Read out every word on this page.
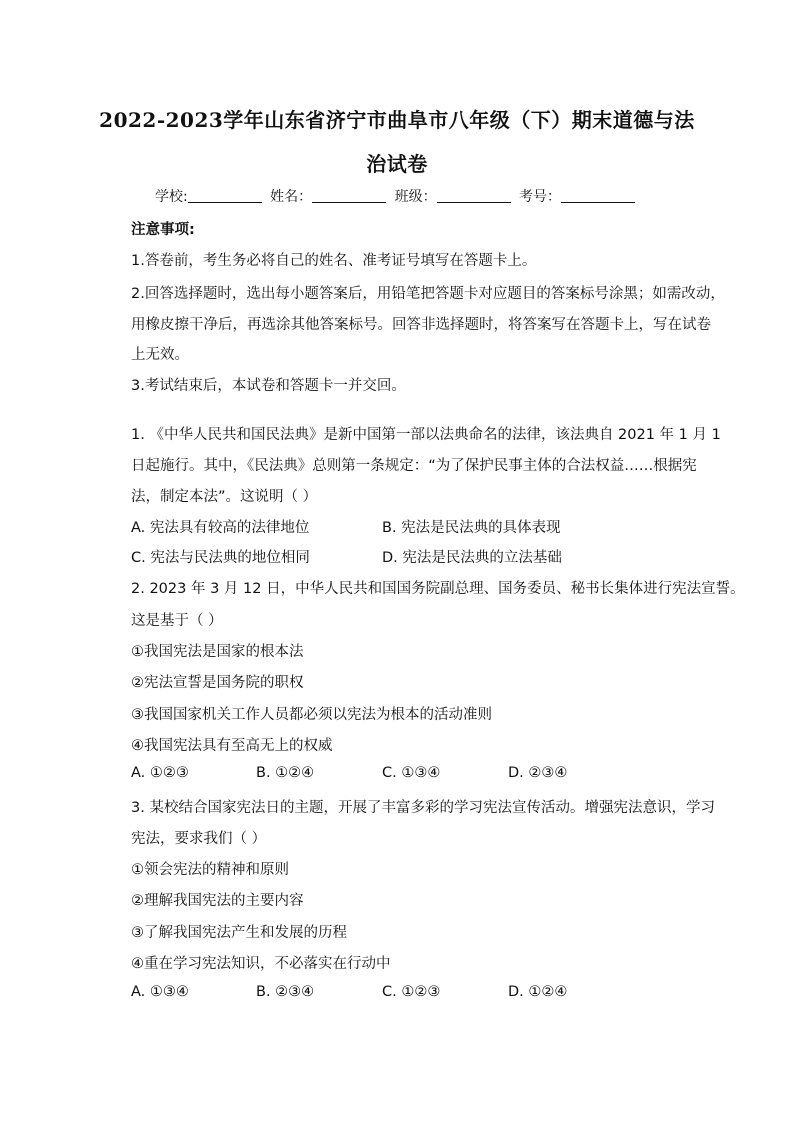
2022-2023学年山东省济宁市曲阜市八年级（下）期末道德与法
治试卷
学校:	姓名：	班级：	考号：
注意事项:
1.答卷前，考生务必将自己的姓名、准考证号填写在答题卡上。
2.回答选择题时，选出每小题答案后，用铅笔把答题卡对应题目的答案标号涂黑；如需改动，
用橡皮擦干净后，再选涂其他答案标号。回答非选择题时，将答案写在答题卡上，写在试卷
上无效。
3.考试结束后，本试卷和答题卡一并交回。
1. 《中华人民共和国民法典》是新中国第一部以法典命名的法律，该法典自 2021 年 1 月 1
日起施行。其中，《民法典》总则第一条规定：“为了保护民事主体的合法权益……根据宪
法，制定本法”。这说明（ ）
A. 宪法具有较高的法律地位	B. 宪法是民法典的具体表现
C. 宪法与民法典的地位相同	D. 宪法是民法典的立法基础
2. 2023 年 3 月 12 日，中华人民共和国国务院副总理、国务委员、秘书长集体进行宪法宣誓。
这是基于（ ）
①我国宪法是国家的根本法
②宪法宣誓是国务院的职权
③我国国家机关工作人员都必须以宪法为根本的活动准则
④我国宪法具有至高无上的权威
A. ①②③	B. ①②④	C. ①③④	D. ②③④
3. 某校结合国家宪法日的主题，开展了丰富多彩的学习宪法宣传活动。增强宪法意识，学习
宪法，要求我们（ ）
①领会宪法的精神和原则
②理解我国宪法的主要内容
③了解我国宪法产生和发展的历程
④重在学习宪法知识，不必落实在行动中
A. ①③④	B. ②③④	C. ①②③	D. ①②④
